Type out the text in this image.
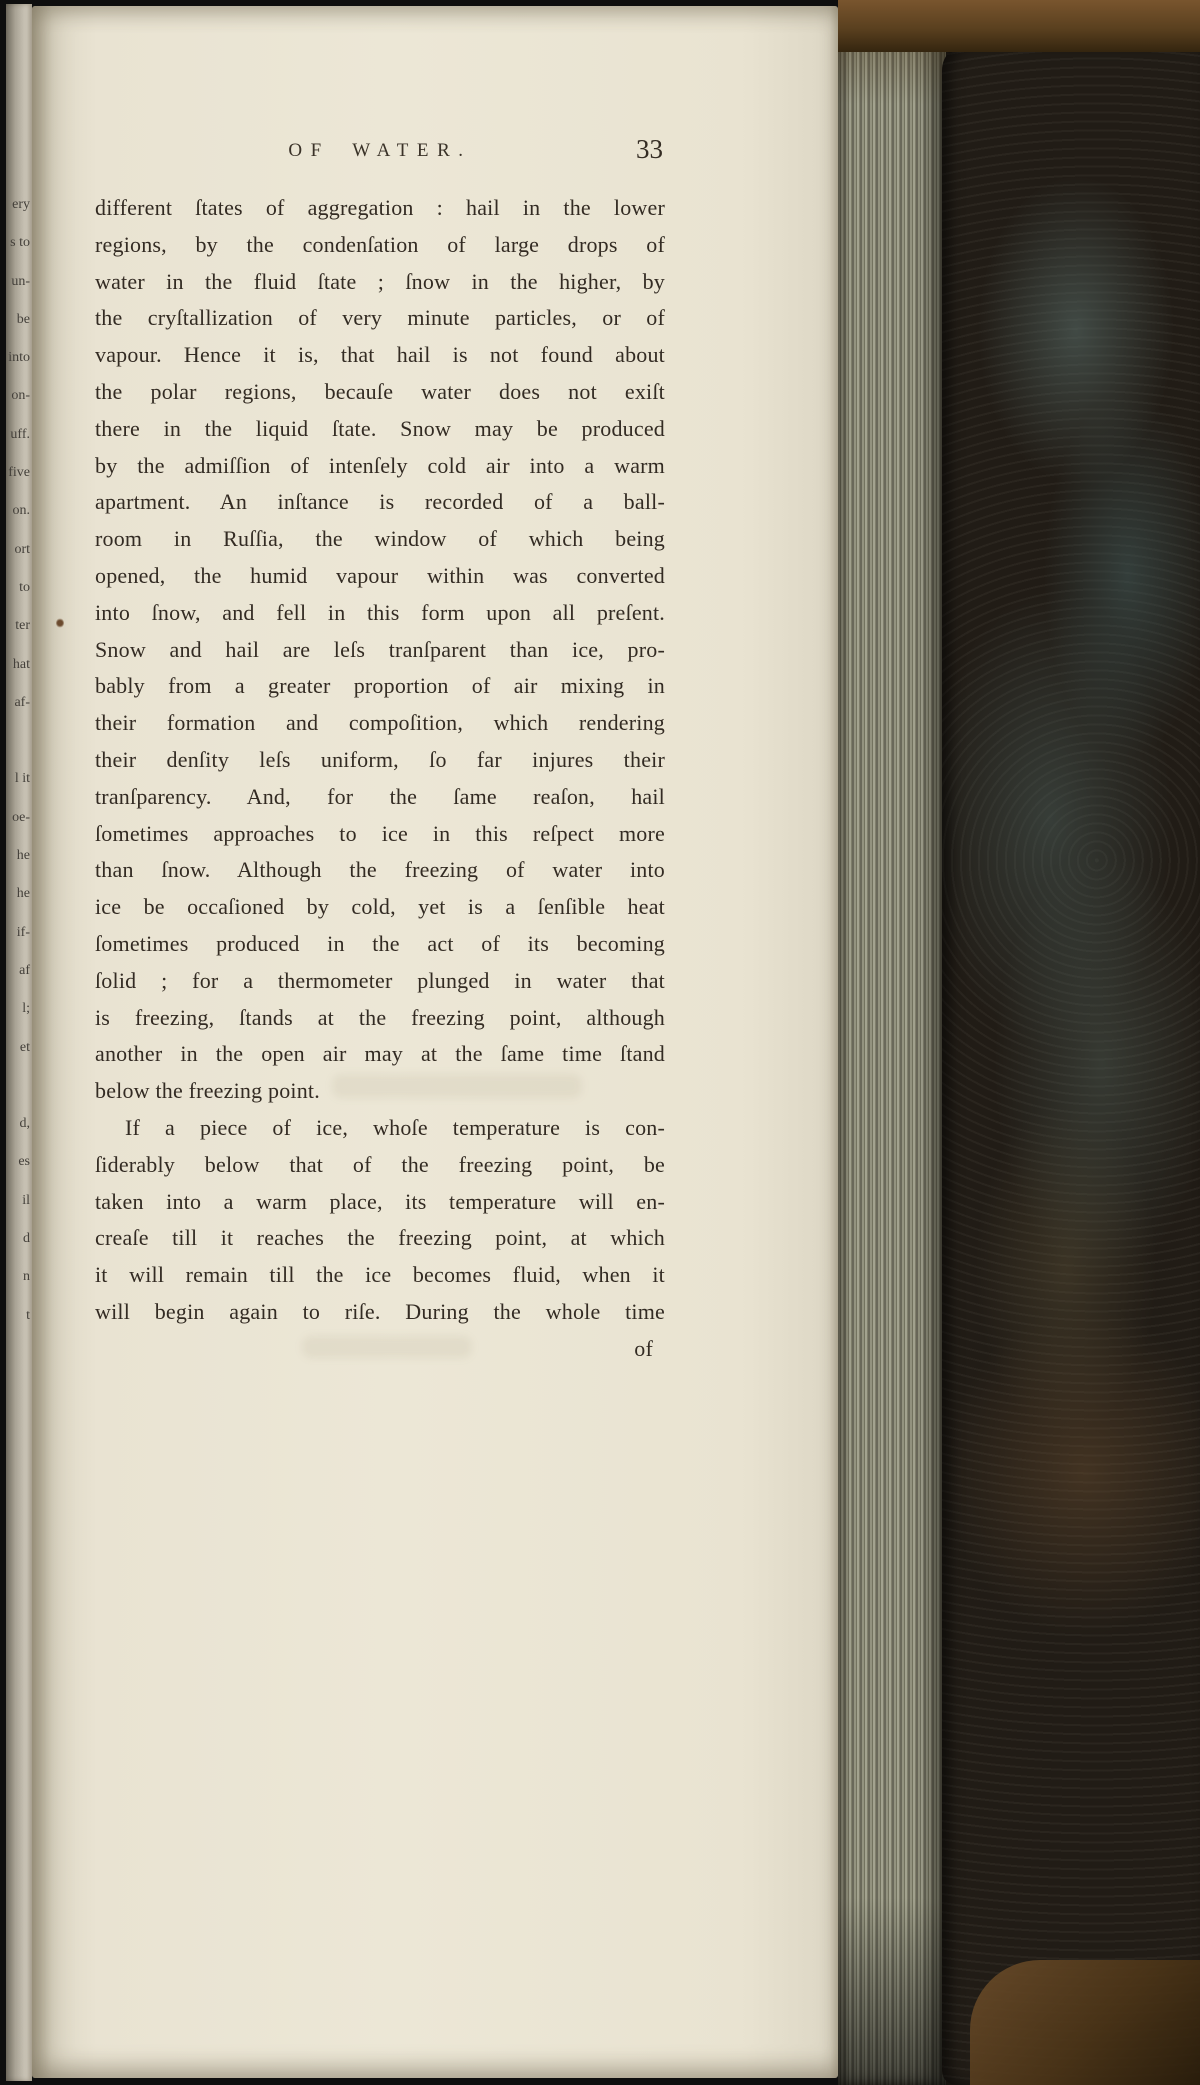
ery
s to
un-
be
into
on-
uff.
five
on.
ort
to
ter
hat
af-
l it
oe-
he
he
if-
af
l;
et
d,
es
il
d
n
t
OF WATER.	33
different ſtates of aggregation : hail in the lower
regions, by the condenſation of large drops of
water in the fluid ſtate ; ſnow in the higher, by
the cryſtallization of very minute particles, or of
vapour. Hence it is, that hail is not found about
the polar regions, becauſe water does not exiſt
there in the liquid ſtate. Snow may be produced
by the admiſſion of intenſely cold air into a warm
apartment. An inſtance is recorded of a ball-
room in Ruſſia, the window of which being
opened, the humid vapour within was converted
into ſnow, and fell in this form upon all preſent.
Snow and hail are leſs tranſparent than ice, pro-
bably from a greater proportion of air mixing in
their formation and compoſition, which rendering
their denſity leſs uniform, ſo far injures their
tranſparency. And, for the ſame reaſon, hail
ſometimes approaches to ice in this reſpect more
than ſnow. Although the freezing of water into
ice be occaſioned by cold, yet is a ſenſible heat
ſometimes produced in the act of its becoming
ſolid ; for a thermometer plunged in water that
is freezing, ſtands at the freezing point, although
another in the open air may at the ſame time ſtand
below the freezing point.
If a piece of ice, whoſe temperature is con-
ſiderably below that of the freezing point, be
taken into a warm place, its temperature will en-
creaſe till it reaches the freezing point, at which
it will remain till the ice becomes fluid, when it
will begin again to riſe. During the whole time
of
